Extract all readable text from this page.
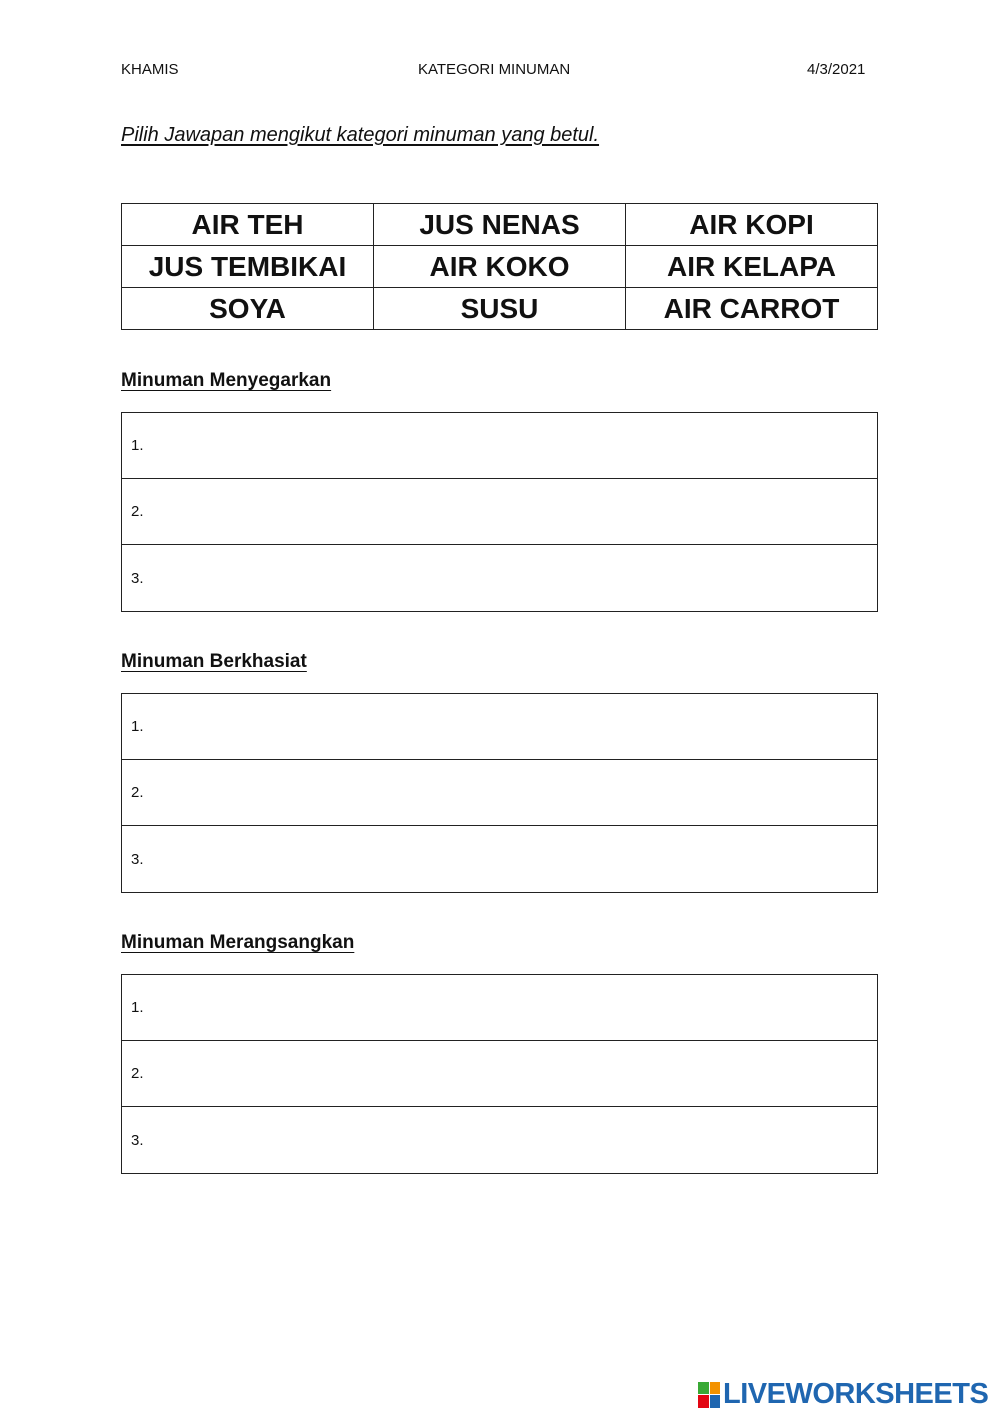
KHAMIS	KATEGORI MINUMAN	4/3/2021
Pilih Jawapan mengikut kategori minuman yang betul.
AIR TEH	JUS NENAS	AIR KOPI
JUS TEMBIKAI	AIR KOKO	AIR KELAPA
SOYA	SUSU	AIR CARROT
Minuman Menyegarkan
1.
2.
3.
Minuman Berkhasiat
1.
2.
3.
Minuman Merangsangkan
1.
2.
3.
LIVEWORKSHEETS
